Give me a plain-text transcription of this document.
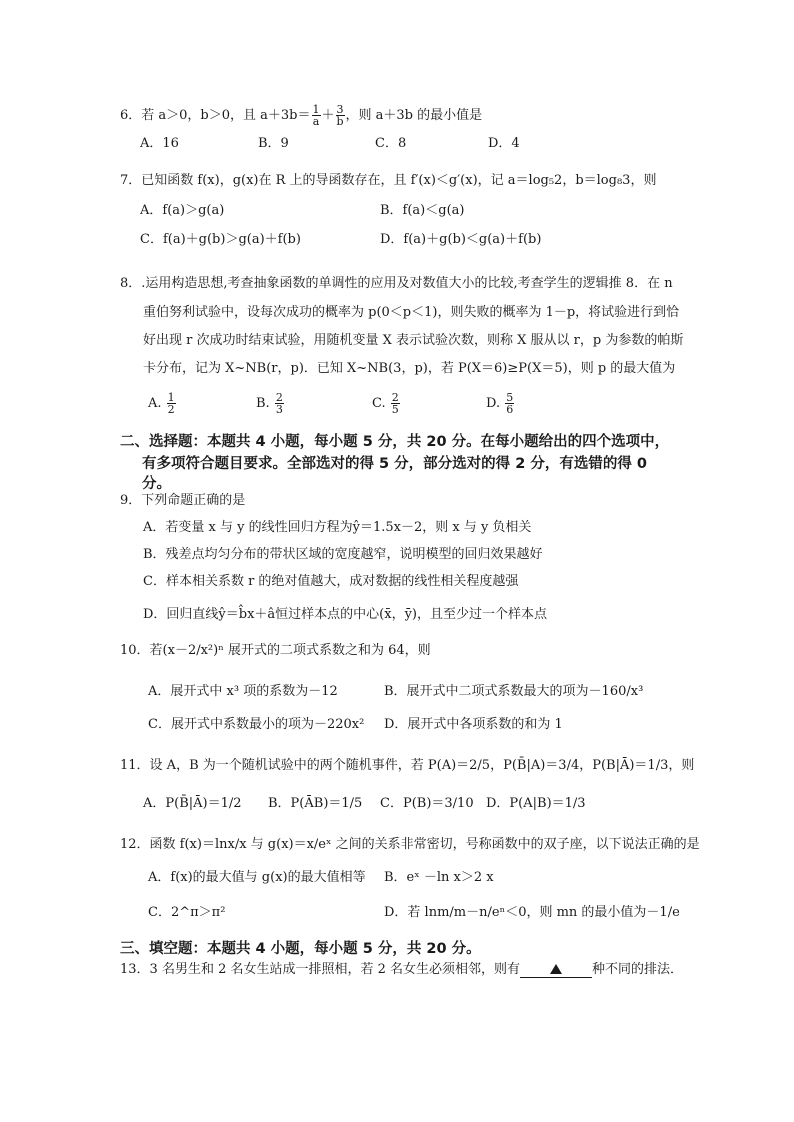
6．若 a＞0，b＞0，且 $a+3b= \frac{1}{a} + \frac{3}{b}$ ，则 a＋3b 的最小值是
A．16	B．9	C．8	D．4
7．已知函数 f(x)，g(x)在 R 上的导函数存在，且 f′(x)＜g′(x)，记 a＝log₅2，b＝log₈3，则
A．f(a)＞g(a)	B．f(a)＜g(a)
C．f(a)＋g(b)＞g(a)＋f(b)	D．f(a)＋g(b)＜g(a)＋f(b)
8．.运用构造思想,考查抽象函数的单调性的应用及对数值大小的比较,考查学生的逻辑推 8．在 n
重伯努利试验中，设每次成功的概率为 p(0＜p＜1)，则失败的概率为 1－p，将试验进行到恰
好出现 r 次成功时结束试验，用随机变量 X 表示试验次数，则称 X 服从以 r，p 为参数的帕斯
卡分布，记为 X~NB(r，p)．已知 X~NB(3，p)，若 P(X＝6)≥P(X＝5)，则 p 的最大值为
A. $\frac{1}{2}$	B. $\frac{2}{3}$	C. $\frac{2}{5}$	D. $\frac{5}{6}$
二、选择题：本题共 4 小题，每小题 5 分，共 20 分。在每小题给出的四个选项中，
有多项符合题目要求。全部选对的得 5 分，部分选对的得 2 分，有选错的得 0
分。
9．下列命题正确的是
A．若变量 x 与 y 的线性回归方程为ŷ＝1.5x－2，则 x 与 y 负相关
B．残差点均匀分布的带状区域的宽度越窄，说明模型的回归效果越好
C．样本相关系数 r 的绝对值越大，成对数据的线性相关程度越强
D．回归直线ŷ＝b̂x＋â恒过样本点的中心(x̄，ȳ)，且至少过一个样本点
10．若(x－2/x²)ⁿ 展开式的二项式系数之和为 64，则
A．展开式中 x³ 项的系数为－12	B．展开式中二项式系数最大的项为－160/x³
C．展开式中系数最小的项为－220x² D．展开式中各项系数的和为 1
11．设 A，B 为一个随机试验中的两个随机事件，若 P(A)＝2/5，P(B̄|A)＝3/4，P(B|Ā)＝1/3，则
A．P(B̄|Ā)＝1/2 B．P(ĀB)＝1/5 C．P(B)＝3/10 D．P(A|B)＝1/3
12．函数 f(x)＝lnx/x 与 g(x)＝x/eˣ 之间的关系非常密切，号称函数中的双子座，以下说法正确的是
A．f(x)的最大值与 g(x)的最大值相等 B．eˣ －ln x＞2 x
C．2^π＞π²	D．若 lnm/m－n/eⁿ＜0，则 mn 的最小值为－1/e
三、填空题：本题共 4 小题，每小题 5 分，共 20 分。
13．3 名男生和 2 名女生站成一排照相，若 2 名女生必须相邻，则有	种不同的排法．
